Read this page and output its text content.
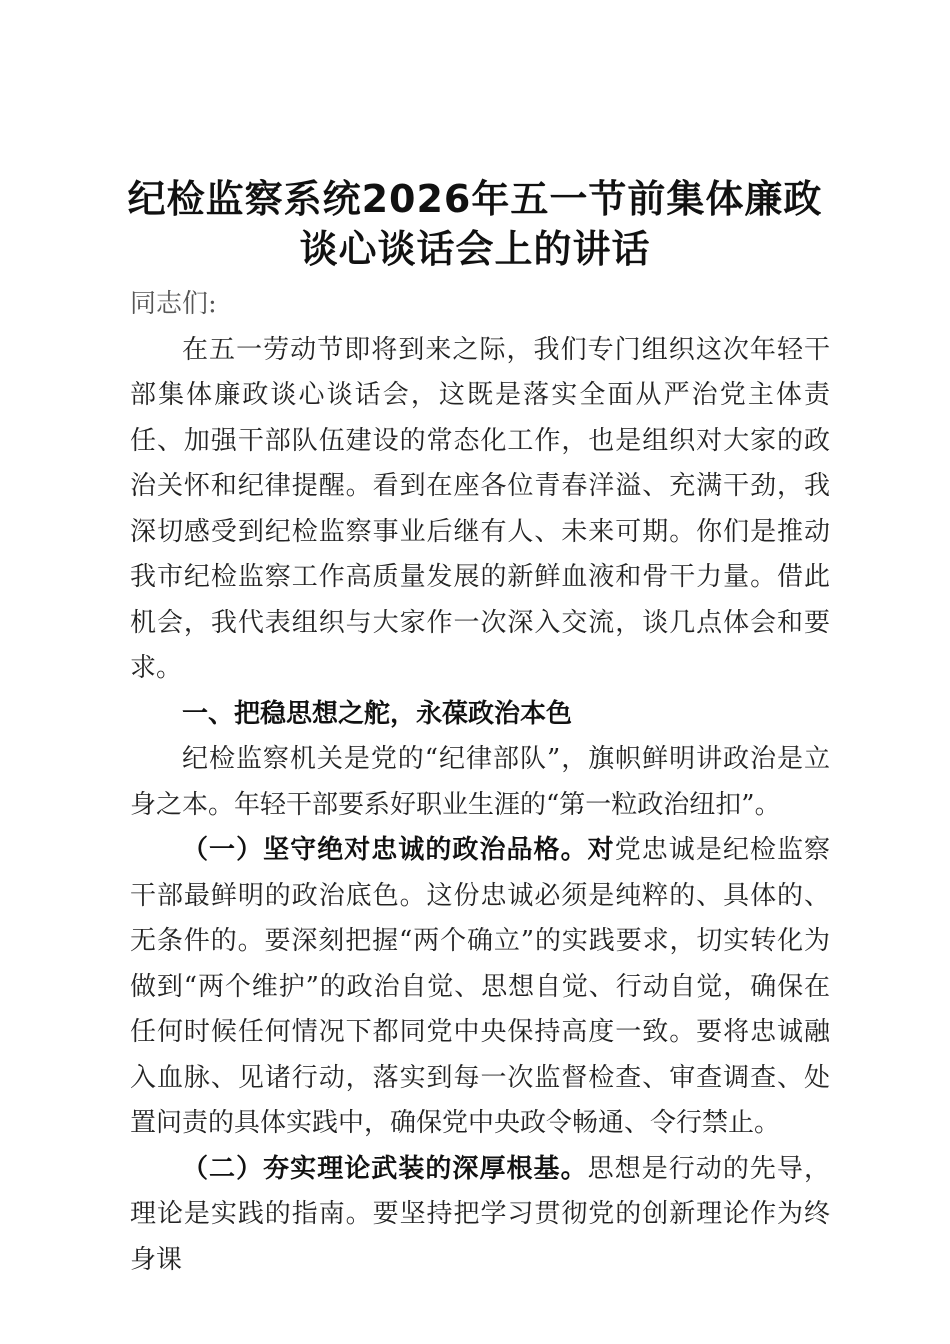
纪检监察系统2026年五一节前集体廉政
谈心谈话会上的讲话

同志们:

在五一劳动节即将到来之际，我们专门组织这次年轻干部集体廉政谈心谈话会，这既是落实全面从严治党主体责任、加强干部队伍建设的常态化工作，也是组织对大家的政治关怀和纪律提醒。看到在座各位青春洋溢、充满干劲，我深切感受到纪检监察事业后继有人、未来可期。你们是推动我市纪检监察工作高质量发展的新鲜血液和骨干力量。借此机会，我代表组织与大家作一次深入交流，谈几点体会和要求。

一、把稳思想之舵，永葆政治本色

纪检监察机关是党的“纪律部队”，旗帜鲜明讲政治是立身之本。年轻干部要系好职业生涯的“第一粒政治纽扣”。

（一）坚守绝对忠诚的政治品格。对党忠诚是纪检监察干部最鲜明的政治底色。这份忠诚必须是纯粹的、具体的、无条件的。要深刻把握“两个确立”的实践要求，切实转化为做到“两个维护”的政治自觉、思想自觉、行动自觉，确保在任何时候任何情况下都同党中央保持高度一致。要将忠诚融入血脉、见诸行动，落实到每一次监督检查、审查调查、处置问责的具体实践中，确保党中央政令畅通、令行禁止。

（二）夯实理论武装的深厚根基。思想是行动的先导，理论是实践的指南。要坚持把学习贯彻党的创新理论作为终身课
